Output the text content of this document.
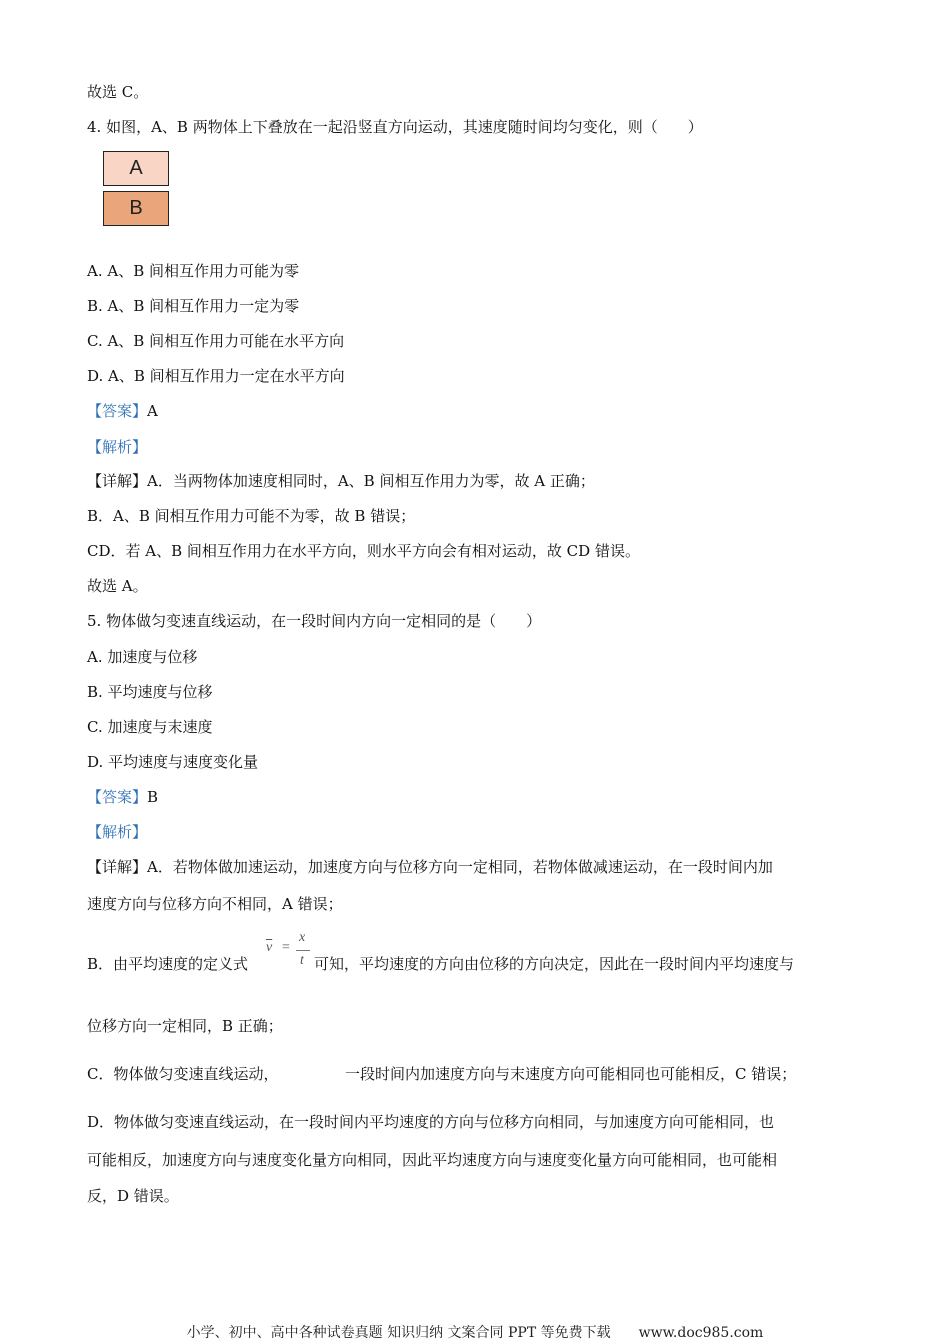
故选 C。
4. 如图，A、B 两物体上下叠放在一起沿竖直方向运动，其速度随时间均匀变化，则（　　）
A
B
A. A、B 间相互作用力可能为零
B. A、B 间相互作用力一定为零
C. A、B 间相互作用力可能在水平方向
D. A、B 间相互作用力一定在水平方向
【答案】A
【解析】
【详解】A．当两物体加速度相同时，A、B 间相互作用力为零，故 A 正确；
B．A、B 间相互作用力可能不为零，故 B 错误；
CD．若 A、B 间相互作用力在水平方向，则水平方向会有相对运动，故 CD 错误。
故选 A。
5. 物体做匀变速直线运动，在一段时间内方向一定相同的是（　　）
A. 加速度与位移
B. 平均速度与位移
C. 加速度与末速度
D. 平均速度与速度变化量
【答案】B
【解析】
【详解】A．若物体做加速运动，加速度方向与位移方向一定相同，若物体做减速运动，在一段时间内加
速度方向与位移方向不相同，A 错误；
B．由平均速度的定义式
$\overline{v}$ =
x
t 可知，平均速度的方向由位移的方向决定，因此在一段时间内平均速度与
位移方向一定相同，B 正确；
C．物体做匀变速直线运动，	一段时间内加速度方向与末速度方向可能相同也可能相反，C 错误；
D．物体做匀变速直线运动，在一段时间内平均速度的方向与位移方向相同，与加速度方向可能相同，也
可能相反，加速度方向与速度变化量方向相同，因此平均速度方向与速度变化量方向可能相同，也可能相
反，D 错误。
小学、初中、高中各种试卷真题 知识归纳 文案合同 PPT 等免费下载　　www.doc985.com
